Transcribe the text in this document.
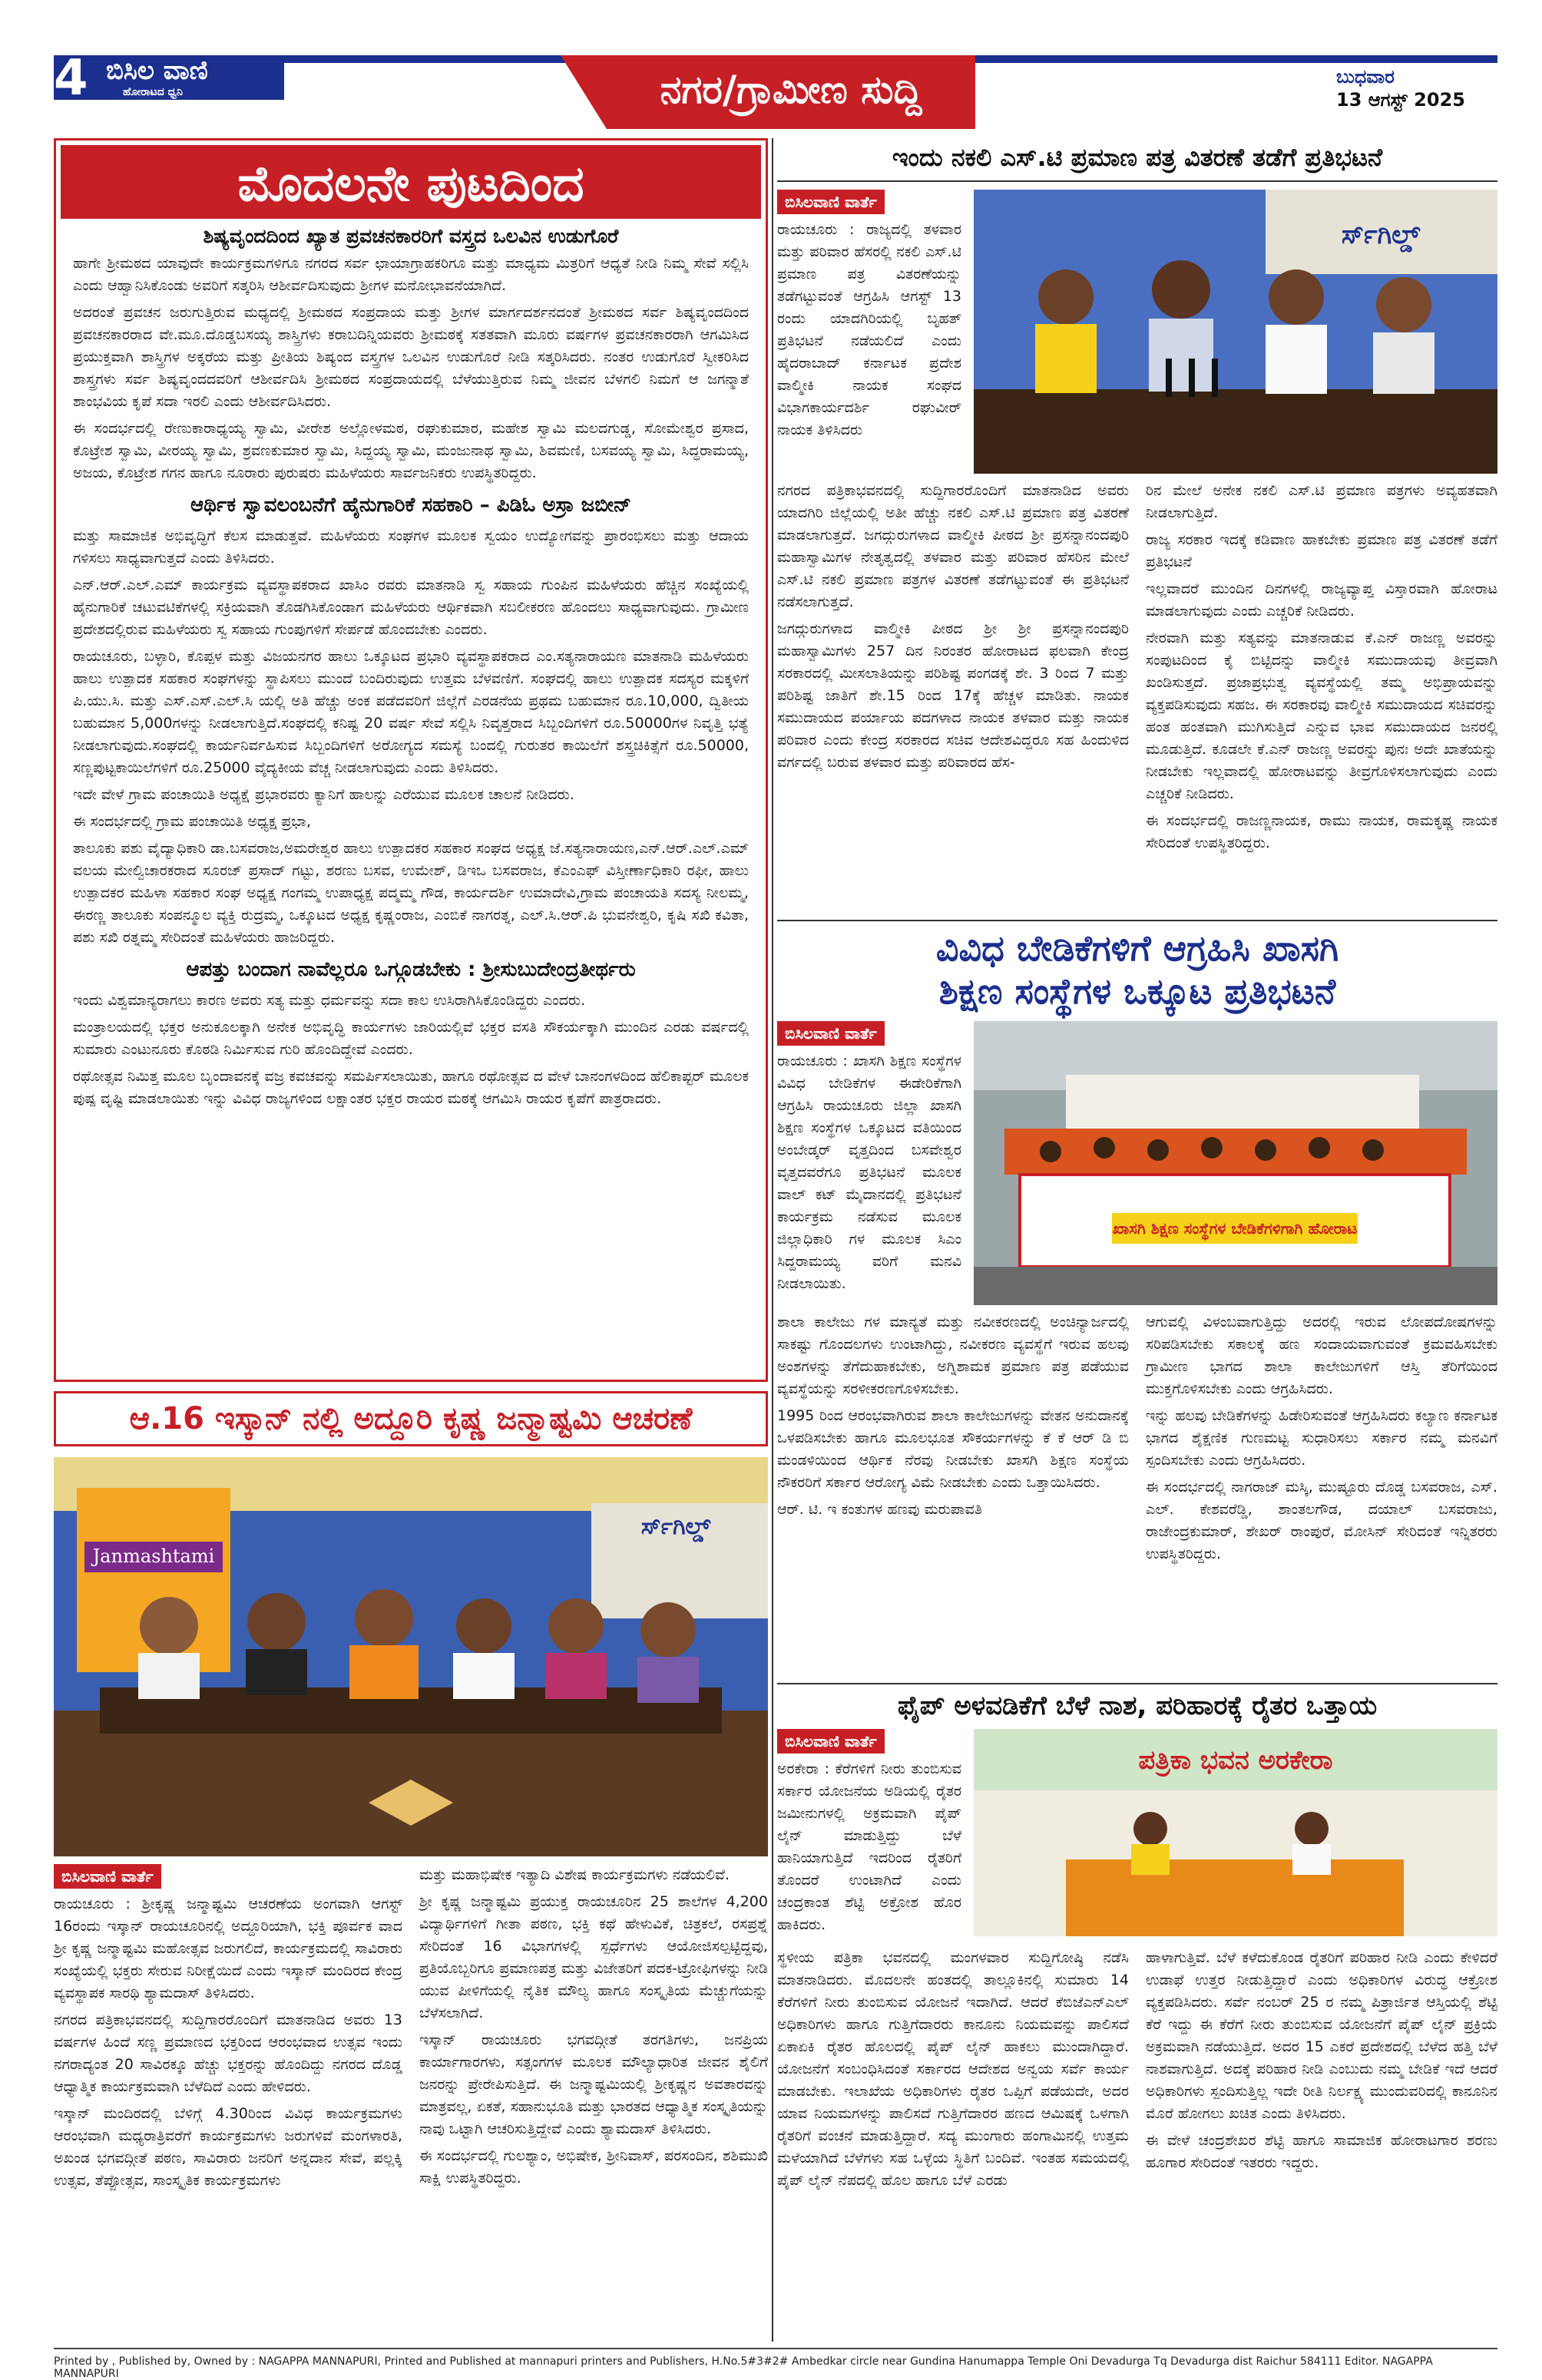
4 ಬಿಸಿಲ ವಾಣಿ
ಹೋರಾಟದ ಧ್ವನಿ	ನಗರ/ಗ್ರಾಮೀಣ ಸುದ್ದಿ	ಬುಧವಾರ
13 ಆಗಸ್ಟ್ 2025
ಮೊದಲನೇ ಪುಟದಿಂದ
ಶಿಷ್ಯವೃಂದದಿಂದ ಖ್ಯಾತ ಪ್ರವಚನಕಾರರಿಗೆ ವಸ್ತ್ರದ ಒಲವಿನ ಉಡುಗೊರೆ

ಹಾಗೇ ಶ್ರೀಮಠದ ಯಾವುದೇ ಕಾರ್ಯಕ್ರಮಗಳಿಗೂ ನಗರದ ಸರ್ವ ಛಾಯಾಗ್ರಾಹಕರಿಗೂ ಮತ್ತು ಮಾಧ್ಯಮ ಮಿತ್ರರಿಗೆ ಆಧ್ಯತೆ ನೀಡಿ ನಿಮ್ಮ ಸೇವೆ ಸಲ್ಲಿಸಿ ಎಂದು ಆಹ್ವಾನಿಸಿಕೊಂಡು ಅವರಿಗೆ ಸತ್ಕರಿಸಿ ಆಶೀರ್ವದಿಸುವುದು ಶ್ರೀಗಳ ಮನೋಭಾವನೆಯಾಗಿದೆ.

ಅದರಂತೆ ಪ್ರವಚನ ಜರುಗುತ್ತಿರುವ ಮಧ್ಯದಲ್ಲಿ ಶ್ರೀಮಠದ ಸಂಪ್ರದಾಯ ಮತ್ತು ಶ್ರೀಗಳ ಮಾರ್ಗದರ್ಶನದಂತೆ ಶ್ರೀಮಠದ ಸರ್ವ ಶಿಷ್ಯವೃಂದದಿಂದ ಪ್ರವಚನಕಾರರಾದ ವೇ.ಮೂ.ದೊಡ್ಡಬಸಯ್ಯ ಶಾಸ್ತ್ರಿಗಳು ಕರಾಬದಿನ್ನಿಯವರು ಶ್ರೀಮಠಕ್ಕೆ ಸತತವಾಗಿ ಮೂರು ವರ್ಷಗಳ ಪ್ರವಚನಕಾರರಾಗಿ ಆಗಮಿಸಿದ ಪ್ರಯುಕ್ತವಾಗಿ ಶಾಸ್ತ್ರಿಗಳ ಅಕ್ಕರೆಯ ಮತ್ತು ಪ್ರೀತಿಯ ಶಿಷ್ಯಂದ ವಸ್ತ್ರಗಳ ಒಲವಿನ ಉಡುಗೊರೆ ನೀಡಿ ಸತ್ಕರಿಸಿದರು. ನಂತರ ಉಡುಗೊರೆ ಸ್ವೀಕರಿಸಿದ ಶಾಸ್ತ್ರಗಳು ಸರ್ವ ಶಿಷ್ಯವೃಂದದವರಿಗೆ ಆಶೀರ್ವದಿಸಿ ಶ್ರೀಮಠದ ಸಂಪ್ರದಾಯದಲ್ಲಿ ಬೆಳೆಯುತ್ತಿರುವ ನಿಮ್ಮ ಜೀವನ ಬೆಳಗಲಿ ನಿಮಗೆ ಆ ಜಗನ್ಮಾತೆ ಶಾಂಭವಿಯ ಕೃಪೆ ಸದಾ ಇರಲಿ ಎಂದು ಆಶೀರ್ವದಿಸಿದರು.

ಈ ಸಂದರ್ಭದಲ್ಲಿ ರೇಣುಕಾರಾಧ್ಯಯ್ಯ ಸ್ವಾಮಿ, ವೀರೇಶ ಅಲ್ಲೋಳಮಠ, ರಘುಕುಮಾರ, ಮಹೇಶ ಸ್ವಾಮಿ ಮಲದಗುಡ್ಡ, ಸೋಮೇಶ್ವರ ಪ್ರಸಾದ, ಕೊಟ್ರೇಶ ಸ್ವಾಮಿ, ವೀರಯ್ಯ ಸ್ವಾಮಿ, ಶ್ರವಣಕುಮಾರ ಸ್ವಾಮಿ, ಸಿದ್ದಯ್ಯ ಸ್ವಾಮಿ, ಮಂಜುನಾಥ ಸ್ವಾಮಿ, ಶಿವಮಣಿ, ಬಸವಯ್ಯ ಸ್ವಾಮಿ, ಸಿದ್ಧರಾಮಯ್ಯ, ಅಜಯ, ಕೊಟ್ರೇಶ ಗಗನ ಹಾಗೂ ನೂರಾರು ಪುರುಷರು ಮಹಿಳೆಯರು ಸಾರ್ವಜನಿಕರು ಉಪಸ್ಥಿತರಿದ್ದರು.

ಆರ್ಥಿಕ ಸ್ವಾವಲಂಬನೆಗೆ ಹೈನುಗಾರಿಕೆ ಸಹಕಾರಿ – ಪಿಡಿಓ ಅಸ್ರಾ ಜಬೀನ್

ಮತ್ತು ಸಾಮಾಜಿಕ ಅಭಿವೃದ್ಧಿಗೆ ಕೆಲಸ ಮಾಡುತ್ತವೆ. ಮಹಿಳೆಯರು ಸಂಘಗಳ ಮೂಲಕ ಸ್ವಯಂ ಉದ್ಯೋಗವನ್ನು ಪ್ರಾರಂಭಿಸಲು ಮತ್ತು ಆದಾಯ ಗಳಿಸಲು ಸಾಧ್ಯವಾಗುತ್ತದೆ ಎಂದು ತಿಳಿಸಿದರು.

ಎನ್.ಆರ್.ಎಲ್.ಎಮ್ ಕಾರ್ಯಕ್ರಮ ವ್ಯವಸ್ಥಾಪಕರಾದ ಖಾಸಿಂ ರವರು ಮಾತನಾಡಿ ಸ್ವ ಸಹಾಯ ಗುಂಪಿನ ಮಹಿಳೆಯರು ಹೆಚ್ಚಿನ ಸಂಖ್ಯೆಯಲ್ಲಿ ಹೈನುಗಾರಿಕೆ ಚಟುವಟಿಕೆಗಳಲ್ಲಿ ಸಕ್ರಿಯವಾಗಿ ತೊಡಗಿಸಿಕೊಂಡಾಗ ಮಹಿಳೆಯರು ಆರ್ಥಿಕವಾಗಿ ಸಬಲೀಕರಣ ಹೊಂದಲು ಸಾಧ್ಯವಾಗುವುದು. ಗ್ರಾಮೀಣ ಪ್ರದೇಶದಲ್ಲಿರುವ ಮಹಿಳೆಯರು ಸ್ವ ಸಹಾಯ ಗುಂಪುಗಳಿಗೆ ಸೇರ್ಪಡೆ ಹೊಂದಬೇಕು ಎಂದರು.

ರಾಯಚೂರು, ಬಳ್ಳಾರಿ, ಕೊಪ್ಪಳ ಮತ್ತು ವಿಜಯನಗರ ಹಾಲು ಒಕ್ಕೂಟದ ಪ್ರಭಾರಿ ವ್ಯವಸ್ಥಾಪಕರಾದ ಎಂ.ಸತ್ಯನಾರಾಯಣ ಮಾತನಾಡಿ ಮಹಿಳೆಯರು ಹಾಲು ಉತ್ಪಾದಕ ಸಹಕಾರ ಸಂಘಗಳನ್ನು ಸ್ಥಾಪಿಸಲು ಮುಂದೆ ಬಂದಿರುವುದು ಉತ್ತಮ ಬೆಳವಣಿಗೆ. ಸಂಘದಲ್ಲಿ ಹಾಲು ಉತ್ಪಾದಕ ಸದಸ್ಯರ ಮಕ್ಕಳಿಗೆ ಪಿ.ಯು.ಸಿ. ಮತ್ತು ಎಸ್.ಎಸ್.ಎಲ್.ಸಿ ಯಲ್ಲಿ ಅತಿ ಹೆಚ್ಚು ಅಂಕ ಪಡೆದವರಿಗೆ ಜಿಲ್ಲೆಗೆ ಎರಡನೆಯ ಪ್ರಥಮ ಬಹುಮಾನ ರೂ.10,000, ದ್ವಿತೀಯ ಬಹುಮಾನ 5,000ಗಳನ್ನು ನೀಡಲಾಗುತ್ತಿದೆ.ಸಂಘದಲ್ಲಿ ಕನಿಷ್ಟ 20 ವರ್ಷ ಸೇವೆ ಸಲ್ಲಿಸಿ ನಿವೃತ್ತರಾದ ಸಿಬ್ಬಂದಿಗಳಿಗೆ ರೂ.50000ಗಳ ನಿವೃತ್ತಿ ಭತ್ಯೆ ನೀಡಲಾಗುವುದು.ಸಂಘದಲ್ಲಿ ಕಾರ್ಯನಿರ್ವಹಿಸುವ ಸಿಬ್ಬಂದಿಗಳಿಗೆ ಅರೋಗ್ಯದ ಸಮಸ್ಯೆ ಬಂದಲ್ಲಿ ಗುರುತರ ಕಾಯಿಲೆಗೆ ಶಸ್ತ್ರಚಿಕಿತ್ಸೆಗೆ ರೂ.50000, ಸಣ್ಣಪುಟ್ಟಕಾಯಿಲೆಗಳಿಗೆ ರೂ.25000 ವೈದ್ಯಕೀಯ ವೆಚ್ಚ ನೀಡಲಾಗುವುದು ಎಂದು ತಿಳಿಸಿದರು.

ಇದೇ ವೇಳೆ ಗ್ರಾಮ ಪಂಚಾಯಿತಿ ಅಧ್ಯಕ್ಷೆ ಪ್ರಭಾರವರು ಕ್ಯಾನಿಗೆ ಹಾಲನ್ನು ಎರೆಯುವ ಮೂಲಕ ಚಾಲನೆ ನೀಡಿದರು.

ಈ ಸಂದರ್ಭದಲ್ಲಿ ಗ್ರಾಮ ಪಂಚಾಯಿತಿ ಅಧ್ಯಕ್ಷ ಪ್ರಭಾ,

ತಾಲೂಕು ಪಶು ವೈದ್ಯಾಧಿಕಾರಿ ಡಾ.ಬಸವರಾಜ,ಅಮರೇಶ್ವರ ಹಾಲು ಉತ್ಪಾದಕರ ಸಹಕಾರ ಸಂಘದ ಅಧ್ಯಕ್ಷ ಜೆ.ಸತ್ಯನಾರಾಯಣ,ಎನ್.ಆರ್.ಎಲ್.ಎಮ್ ವಲಯ ಮೇಲ್ವಿಚಾರಕರಾದ ಸೂರಜ್ ಪ್ರಸಾದ್ ಗಟ್ಟು, ಶರಣು ಬಸವ, ಉಮೇಶ್, ಡಿಇಒ ಬಸವರಾಜ, ಕೆಎಂಎಫ್ ವಿಸ್ತೀರ್ಣಾಧಿಕಾರಿ ರಫೀ, ಹಾಲು ಉತ್ಪಾದಕರ ಮಹಿಳಾ ಸಹಕಾರ ಸಂಘ ಅಧ್ಯಕ್ಷ ಗಂಗಮ್ಮ ಉಪಾಧ್ಯಕ್ಷ ಪದ್ಮಮ್ಮ ಗೌಡ, ಕಾರ್ಯದರ್ಶಿ ಉಮಾದೇವಿ,ಗ್ರಾಮ ಪಂಚಾಯತಿ ಸದಸ್ಯ ನೀಲಮ್ಮ, ಈರಣ್ಣ ತಾಲೂಕು ಸಂಪನ್ಮೂಲ ವ್ಯಕ್ತಿ ರುದ್ರಮ್ಮ, ಒಕ್ಕೂಟದ ಅಧ್ಯಕ್ಷ ಕೃಷ್ಣಂರಾಜ, ಎಂಬಿಕೆ ನಾಗರತ್ನ, ಎಲ್.ಸಿ.ಆರ್.ಪಿ ಭುವನೇಶ್ವರಿ, ಕೃಷಿ ಸಖಿ ಕವಿತಾ, ಪಶು ಸಖಿ ರತ್ನಮ್ಮ ಸೇರಿದಂತೆ ಮಹಿಳೆಯರು ಹಾಜರಿದ್ದರು.

ಆಪತ್ತು ಬಂದಾಗ ನಾವೆಲ್ಲರೂ ಒಗ್ಗೂಡಬೇಕು : ಶ್ರೀಸುಬುದೇಂದ್ರತೀರ್ಥರು

ಇಂದು ವಿಶ್ವಮಾನ್ಯರಾಗಲು ಕಾರಣ ಅವರು ಸತ್ಯ ಮತ್ತು ಧರ್ಮವನ್ನು ಸದಾ ಕಾಲ ಉಸಿರಾಗಿಸಿಕೊಂಡಿದ್ದರು ಎಂದರು.

ಮಂತ್ರಾಲಯದಲ್ಲಿ ಭಕ್ತರ ಅನುಕೂಲಕ್ಕಾಗಿ ಅನೇಕ ಅಭಿವೃದ್ಧಿ ಕಾರ್ಯಗಳು ಜಾರಿಯಲ್ಲಿವೆ ಭಕ್ತರ ವಸತಿ ಸೌಕರ್ಯಕ್ಕಾಗಿ ಮುಂದಿನ ಎರಡು ವರ್ಷದಲ್ಲಿ ಸುಮಾರು ಎಂಟುನೂರು ಕೊಠಡಿ ನಿರ್ಮಿಸುವ ಗುರಿ ಹೊಂದಿದ್ದೇವೆ ಎಂದರು.

ರಥೋತ್ಸವ ನಿಮಿತ್ತ ಮೂಲ ಬೃಂದಾವನಕ್ಕೆ ವಜ್ರ ಕವಚವನ್ನು ಸಮರ್ಪಿಸಲಾಯಿತು, ಹಾಗೂ ರಥೋತ್ಸವ ದ ವೇಳೆ ಬಾನಂಗಳದಿಂದ ಹೆಲಿಕಾಪ್ಟರ್ ಮೂಲಕ ಪುಷ್ಪ ವೃಷ್ಟಿ ಮಾಡಲಾಯಿತು ಇನ್ನು ವಿವಿಧ ರಾಜ್ಯಗಳಿಂದ ಲಕ್ಷಾಂತರ ಭಕ್ತರ ರಾಯರ ಮಠಕ್ಕೆ ಆಗಮಿಸಿ ರಾಯರ ಕೃಪೆಗೆ ಪಾತ್ರರಾದರು.

ಆ.16 ಇಸ್ಕಾನ್ ನಲ್ಲಿ ಅದ್ದೂರಿ ಕೃಷ್ಣ ಜನ್ಮಾಷ್ಟಮಿ ಆಚರಣೆ
Janmashtami
ರ್ಸ್‌ಗಿಲ್ಡ್
ಬಿಸಿಲವಾಣಿ ವಾರ್ತೆ

ರಾಯಚೂರು : ಶ್ರೀಕೃಷ್ಣ ಜನ್ಮಾಷ್ಟಮಿ ಆಚರಣೆಯ ಅಂಗವಾಗಿ ಆಗಸ್ಟ್ 16ರಂದು ಇಸ್ಕಾನ್ ರಾಯಚೂರಿನಲ್ಲಿ ಅದ್ದೂರಿಯಾಗಿ, ಭಕ್ತಿ ಪೂರ್ವಕ ವಾದ ಶ್ರೀ ಕೃಷ್ಣ ಜನ್ಮಾಷ್ಟಮಿ ಮಹೋತ್ಸವ ಜರುಗಲಿದೆ, ಕಾರ್ಯಕ್ರಮದಲ್ಲಿ ಸಾವಿರಾರು ಸಂಖ್ಯೆಯಲ್ಲಿ ಭಕ್ತರು ಸೇರುವ ನಿರೀಕ್ಷೆಯಿದೆ ಎಂದು ಇಸ್ಕಾನ್ ಮಂದಿರದ ಕೇಂದ್ರ ವ್ಯವಸ್ಥಾಪಕ ಸಾರಥಿ ಶ್ಯಾಮದಾಸ್ ತಿಳಿಸಿದರು.

ನಗರದ ಪತ್ರಿಕಾಭವನದಲ್ಲಿ ಸುದ್ದಿಗಾರರೊಂದಿಗೆ ಮಾತನಾಡಿದ ಅವರು 13 ವರ್ಷಗಳ ಹಿಂದೆ ಸಣ್ಣ ಪ್ರಮಾಣದ ಭಕ್ತರಿಂದ ಆರಂಭವಾದ ಉತ್ಸವ ಇಂದು ನಗರಾದ್ಯಂತ 20 ಸಾವಿರಕ್ಕೂ ಹೆಚ್ಚು ಭಕ್ತರನ್ನು ಹೊಂದಿದ್ದು ನಗರದ ದೊಡ್ಡ ಆಧ್ಯಾತ್ಮಿಕ ಕಾರ್ಯಕ್ರಮವಾಗಿ ಬೆಳೆದಿದೆ ಎಂದು ಹೇಳಿದರು.

ಇಸ್ಕಾನ್ ಮಂದಿರದಲ್ಲಿ ಬೆಳಿಗ್ಗೆ 4.30ರಿಂದ ವಿವಿಧ ಕಾರ್ಯಕ್ರಮಗಳು ಆರಂಭವಾಗಿ ಮಧ್ಯರಾತ್ರಿವರೆಗೆ ಕಾರ್ಯಕ್ರಮಗಳು ಜರುಗಳಿವೆ ಮಂಗಳಾರತಿ, ಅಖಂಡ ಭಗವದ್ಗೀತೆ ಪಠಣ, ಸಾವಿರಾರು ಜನರಿಗೆ ಅನ್ನದಾನ ಸೇವೆ, ಪಲ್ಲಕ್ಕಿ ಉತ್ಸವ, ತೆಪ್ಪೋತ್ಸವ, ಸಾಂಸ್ಕೃತಿಕ ಕಾರ್ಯಕ್ರಮಗಳು

ಮತ್ತು ಮಹಾಭಿಷೇಕ ಇತ್ಯಾದಿ ವಿಶೇಷ ಕಾರ್ಯಕ್ರಮಗಳು ನಡೆಯಲಿವೆ.

ಶ್ರೀ ಕೃಷ್ಣ ಜನ್ಮಾಷ್ಟಮಿ ಪ್ರಯುಕ್ತ ರಾಯಚೂರಿನ 25 ಶಾಲೆಗಳ 4,200 ವಿದ್ಯಾರ್ಥಿಗಳಿಗೆ ಗೀತಾ ಪಠಣ, ಭಕ್ತಿ ಕಥೆ ಹೇಳುವಿಕೆ, ಚಿತ್ರಕಲೆ, ರಸಪ್ರಶ್ನೆ ಸೇರಿದಂತೆ 16 ವಿಭಾಗಗಳಲ್ಲಿ ಸ್ಪರ್ಧೆಗಳು ಆಯೋಜಿಸಲ್ಪಟ್ಟಿದ್ದವು, ಪ್ರತಿಯೊಬ್ಬರಿಗೂ ಪ್ರಮಾಣಪತ್ರ ಮತ್ತು ವಿಜೇತರಿಗೆ ಪದಕ-ಟ್ರೋಫಿಗಳನ್ನು ನೀಡಿ ಯುವ ಪೀಳಿಗೆಯಲ್ಲಿ ನೈತಿಕ ಮೌಲ್ಯ ಹಾಗೂ ಸಂಸ್ಕೃತಿಯ ಮೆಚ್ಚುಗೆಯನ್ನು ಬೆಳೆಸಲಾಗಿದೆ.

ಇಸ್ಕಾನ್ ರಾಯಚೂರು ಭಗವದ್ಗೀತೆ ತರಗತಿಗಳು, ಜನಪ್ರಿಯ ಕಾರ್ಯಾಗಾರಗಳು, ಸತ್ಸಂಗಗಳ ಮೂಲಕ ಮೌಲ್ಯಾಧಾರಿತ ಜೀವನ ಶೈಲಿಗೆ ಜನರನ್ನು ಪ್ರೇರೇಪಿಸುತ್ತಿದೆ. ಈ ಜನ್ಮಾಷ್ಟಮಿಯಲ್ಲಿ ಶ್ರೀಕೃಷ್ಣನ ಅವತಾರವನ್ನು ಮಾತ್ರವಲ್ಲ, ಏಕತೆ, ಸಹಾನುಭೂತಿ ಮತ್ತು ಭಾರತದ ಆಧ್ಯಾತ್ಮಿಕ ಸಂಸ್ಕೃತಿಯನ್ನು ನಾವು ಒಟ್ಟಾಗಿ ಆಚರಿಸುತ್ತಿದ್ದೇವೆ ಎಂದು ಶ್ಯಾಮದಾಸ್ ತಿಳಿಸಿದರು.

ಈ ಸಂದರ್ಭದಲ್ಲಿ ಗುಲಶ್ಯಾಂ, ಅಭಿಷೇಕ, ಶ್ರೀನಿವಾಸ್, ಪರಸಂದಿನ, ಶಶಿಮುಖಿ ಸಾಕ್ಷಿ ಉಪಸ್ಥಿತರಿದ್ದರು.

ಇಂದು ನಕಲಿ ಎಸ್.ಟಿ ಪ್ರಮಾಣ ಪತ್ರ ವಿತರಣೆ ತಡೆಗೆ ಪ್ರತಿಭಟನೆ
ಬಿಸಿಲವಾಣಿ ವಾರ್ತೆ

ರಾಯಚೂರು : ರಾಜ್ಯದಲ್ಲಿ ತಳವಾರ ಮತ್ತು ಪರಿವಾರ ಹೆಸರಲ್ಲಿ ನಕಲಿ ಎಸ್.ಟಿ ಪ್ರಮಾಣ ಪತ್ರ ವಿತರಣೆಯನ್ನು ತಡೆಗಟ್ಟುವಂತೆ ಆಗ್ರಹಿಸಿ ಆಗಸ್ಟ್ 13 ರಂದು ಯಾದಗಿರಿಯಲ್ಲಿ ಬೃಹತ್ ಪ್ರತಿಭಟನೆ ನಡೆಯಲಿದೆ ಎಂದು ಹೈದರಾಬಾದ್ ಕರ್ನಾಟಕ ಪ್ರದೇಶ ವಾಲ್ಮೀಕಿ ನಾಯಕ ಸಂಘದ ವಿಭಾಗಕಾರ್ಯದರ್ಶಿ ರಘುವೀರ್ ನಾಯಕ ತಿಳಿಸಿದರು

ರ್ಸ್‌ಗಿಲ್ಡ್

ನಗರದ ಪತ್ರಿಕಾಭವನದಲ್ಲಿ ಸುದ್ದಿಗಾರರೊಂದಿಗೆ ಮಾತನಾಡಿದ ಅವರು ಯಾದಗಿರಿ ಜಿಲ್ಲೆಯಲ್ಲಿ ಅತೀ ಹೆಚ್ಚು ನಕಲಿ ಎಸ್.ಟಿ ಪ್ರಮಾಣ ಪತ್ರ ವಿತರಣೆ ಮಾಡಲಾಗುತ್ತದೆ. ಜಗದ್ಗುರುಗಳಾದ ವಾಲ್ಮೀಕಿ ಪೀಠದ ಶ್ರೀ ಪ್ರಸನ್ನಾನಂದಪುರಿ ಮಹಾಸ್ವಾಮಿಗಳ ನೇತೃತ್ವದಲ್ಲಿ ತಳವಾರ ಮತ್ತು ಪರಿವಾರ ಹೆಸರಿನ ಮೇಲೆ ಎಸ್.ಟಿ ನಕಲಿ ಪ್ರಮಾಣ ಪತ್ರಗಳ ವಿತರಣೆ ತಡೆಗಟ್ಟುವಂತೆ ಈ ಪ್ರತಿಭಟನೆ ನಡೆಸಲಾಗುತ್ತದೆ.

ಜಗದ್ಗುರುಗಳಾದ ವಾಲ್ಮೀಕಿ ಪೀಠದ ಶ್ರೀ ಶ್ರೀ ಪ್ರಸನ್ನಾನಂದಪುರಿ ಮಹಾಸ್ವಾಮಿಗಳು 257 ದಿನ ನಿರಂತರ ಹೋರಾಟದ ಫಲವಾಗಿ ಕೇಂದ್ರ ಸರಕಾರದಲ್ಲಿ ಮೀಸಲಾತಿಯನ್ನು ಪರಿಶಿಷ್ಟ ಪಂಗಡಕ್ಕೆ ಶೇ. 3 ರಿಂದ 7 ಮತ್ತು ಪರಿಶಿಷ್ಟ ಜಾತಿಗೆ ಶೇ.15 ರಿಂದ 17ಕ್ಕೆ ಹೆಚ್ಚಳ ಮಾಡಿತು. ನಾಯಕ ಸಮುದಾಯದ ಪರ್ಯಾಯ ಪದಗಳಾದ ನಾಯಕ ತಳವಾರ ಮತ್ತು ನಾಯಕ ಪರಿವಾರ ಎಂದು ಕೇಂದ್ರ ಸರಕಾರದ ಸಚಿವ ಆದೇಶವಿದ್ದರೂ ಸಹ ಹಿಂದುಳಿದ ವರ್ಗದಲ್ಲಿ ಬರುವ ತಳವಾರ ಮತ್ತು ಪರಿವಾರದ ಹೆಸ-

ರಿನ ಮೇಲೆ ಅನೇಕ ನಕಲಿ ಎಸ್.ಟಿ ಪ್ರಮಾಣ ಪತ್ರಗಳು ಅವ್ಯಹತವಾಗಿ ನೀಡಲಾಗುತ್ತಿದೆ.

ರಾಜ್ಯ ಸರಕಾರ ಇದಕ್ಕೆ ಕಡಿವಾಣ ಹಾಕಬೇಕು ಪ್ರಮಾಣ ಪತ್ರ ವಿತರಣೆ ತಡೆಗೆ ಪ್ರತಿಭಟನೆ

ಇಲ್ಲವಾದರೆ ಮುಂದಿನ ದಿನಗಳಲ್ಲಿ ರಾಜ್ಯವ್ಯಾಪ್ತ ವಿಸ್ತಾರವಾಗಿ ಹೋರಾಟ ಮಾಡಲಾಗುವುದು ಎಂದು ಎಚ್ಚರಿಕೆ ನೀಡಿದರು.

ನೇರವಾಗಿ ಮತ್ತು ಸತ್ಯವನ್ನು ಮಾತನಾಡುವ ಕೆ.ಎನ್ ರಾಜಣ್ಣ ಅವರನ್ನು ಸಂಪುಟದಿಂದ ಕೈ ಬಿಟ್ಟಿದನ್ನು ವಾಲ್ಮೀಕಿ ಸಮುದಾಯವು ತೀವ್ರವಾಗಿ ಖಂಡಿಸುತ್ತದೆ. ಪ್ರಜಾಪ್ರಭುತ್ವ ವ್ಯವಸ್ಥೆಯಲ್ಲಿ ತಮ್ಮ ಅಭಿಪ್ರಾಯವನ್ನು ವ್ಯಕ್ತಪಡಿಸುವುದು ಸಹಜ. ಈ ಸರಕಾರವು ವಾಲ್ಮೀಕಿ ಸಮುದಾಯದ ಸಚಿವರನ್ನು ಹಂತ ಹಂತವಾಗಿ ಮುಗಿಸುತ್ತಿದೆ ಎನ್ನುವ ಭಾವ ಸಮುದಾಯದ ಜನರಲ್ಲಿ ಮೂಡುತ್ತಿದೆ. ಕೂಡಲೇ ಕೆ.ಎನ್ ರಾಜಣ್ಣ ಅವರನ್ನು ಪುನಃ ಅದೇ ಖಾತೆಯನ್ನು ನೀಡಬೇಕು ಇಲ್ಲವಾದಲ್ಲಿ ಹೋರಾಟವನ್ನು ತೀವ್ರಗೊಳಿಸಲಾಗುವುದು ಎಂದು ಎಚ್ಚರಿಕೆ ನೀಡಿದರು.

ಈ ಸಂದರ್ಭದಲ್ಲಿ ರಾಜಣ್ಣನಾಯಕ, ರಾಮು ನಾಯಕ, ರಾಮಕೃಷ್ಣ ನಾಯಕ ಸೇರಿದಂತೆ ಉಪಸ್ಥಿತರಿದ್ದರು.

ವಿವಿಧ ಬೇಡಿಕೆಗಳಿಗೆ ಆಗ್ರಹಿಸಿ ಖಾಸಗಿ
ಶಿಕ್ಷಣ ಸಂಸ್ಥೆಗಳ ಒಕ್ಕೂಟ ಪ್ರತಿಭಟನೆ
ಬಿಸಿಲವಾಣಿ ವಾರ್ತೆ

ರಾಯಚೂರು : ಖಾಸಗಿ ಶಿಕ್ಷಣ ಸಂಸ್ಥೆಗಳ ವಿವಿಧ ಬೇಡಿಕೆಗಳ ಈಡೇರಿಕೆಗಾಗಿ ಆಗ್ರಹಿಸಿ ರಾಯಚೂರು ಜಿಲ್ಲಾ ಖಾಸಗಿ ಶಿಕ್ಷಣ ಸಂಸ್ಥೆಗಳ ಒಕ್ಕೂಟದ ವತಿಯಿಂದ ಅಂಬೇಡ್ಕರ್ ವೃತ್ತದಿಂದ ಬಸವೇಶ್ವರ ವೃತ್ತದವರೆಗೂ ಪ್ರತಿಭಟನೆ ಮೂಲಕ ವಾಲ್ ಕಟ್ ಮೈದಾನದಲ್ಲಿ ಪ್ರತಿಭಟನೆ ಕಾರ್ಯಕ್ರಮ ನಡೆಸುವ ಮೂಲಕ ಜಿಲ್ಲಾಧಿಕಾರಿ ಗಳ ಮೂಲಕ ಸಿಎಂ ಸಿದ್ದರಾಮಯ್ಯ ವರಿಗೆ ಮನವಿ ನೀಡಲಾಯಿತು.

ಖಾಸಗಿ ಶಿಕ್ಷಣ ಸಂಸ್ಥೆಗಳ ಬೇಡಿಕೆಗಳಿಗಾಗಿ ಹೋರಾಟ

ಶಾಲಾ ಕಾಲೇಜು ಗಳ ಮಾನ್ಯತೆ ಮತ್ತು ನವೀಕರಣದಲ್ಲಿ ಅಂಚಿನ್ಯಾರ್ಜದಲ್ಲಿ ಸಾಕಷ್ಟು ಗೊಂದಲಗಳು ಉಂಟಾಗಿದ್ದು, ನವೀಕರಣ ವ್ಯವಸ್ಥೆಗೆ ಇರುವ ಹಲವು ಅಂಶಗಳನ್ನು ತೆಗೆದುಹಾಕಬೇಕು, ಅಗ್ನಿಶಾಮಕ ಪ್ರಮಾಣ ಪತ್ರ ಪಡೆಯುವ ವ್ಯವಸ್ಥೆಯನ್ನು ಸರಳೀಕರಣಗೊಳಿಸಬೇಕು.

1995 ರಿಂದ ಆರಂಭವಾಗಿರುವ ಶಾಲಾ ಕಾಲೇಜುಗಳನ್ನು ವೇತನ ಅನುದಾನಕ್ಕೆ ಒಳಪಡಿಸಬೇಕು ಹಾಗೂ ಮೂಲಭೂತ ಸೌಕರ್ಯಗಳನ್ನು ಕೆ ಕೆ ಆರ್ ಡಿ ಬಿ ಮಂಡಳಿಯಿಂದ ಆರ್ಥಿಕ ನೆರವು ನೀಡಬೇಕು ಖಾಸಗಿ ಶಿಕ್ಷಣ ಸಂಸ್ಥೆಯ ನೌಕರರಿಗೆ ಸರ್ಕಾರ ಆರೋಗ್ಯ ವಿಮೆ ನೀಡಬೇಕು ಎಂದು ಒತ್ತಾಯಿಸಿದರು.

ಆರ್. ಟಿ. ಇ ಕಂತುಗಳ ಹಣವು ಮರುಪಾವತಿ

ಆಗುವಲ್ಲಿ ವಿಳಂಬವಾಗುತ್ತಿದ್ದು ಅದರಲ್ಲಿ ಇರುವ ಲೋಪದೋಷಗಳನ್ನು ಸರಿಪಡಿಸಬೇಕು ಸಕಾಲಕ್ಕೆ ಹಣ ಸಂದಾಯವಾಗುವಂತೆ ಕ್ರಮವಹಿಸಬೇಕು ಗ್ರಾಮೀಣ ಭಾಗದ ಶಾಲಾ ಕಾಲೇಜುಗಳಿಗೆ ಆಸ್ತಿ ತೆರಿಗೆಯಿಂದ ಮುಕ್ತಗೊಳಿಸಬೇಕು ಎಂದು ಆಗ್ರಹಿಸಿದರು.

ಇನ್ನು ಹಲವು ಬೇಡಿಕೆಗಳನ್ನು ಹಿಡೇರಿಸುವಂತೆ ಆಗ್ರಹಿಸಿದರು ಕಲ್ಯಾಣ ಕರ್ನಾಟಕ ಭಾಗದ ಶೈಕ್ಷಣಿಕ ಗುಣಮಟ್ಟ ಸುಧಾರಿಸಲು ಸರ್ಕಾರ ನಮ್ಮ ಮನವಿಗೆ ಸ್ಪಂದಿಸಬೇಕು ಎಂದು ಆಗ್ರಹಿಸಿದರು.

ಈ ಸಂದರ್ಭದಲ್ಲಿ ನಾಗರಾಜ್ ಮಸ್ಕಿ, ಮುಷ್ಟೂರು ದೊಡ್ಡ ಬಸವರಾಜ, ಎಸ್. ಎಲ್. ಕೇಶವರೆಡ್ಡಿ, ಶಾಂತಲಗೌಡ, ದಯಾಲ್ ಬಸವರಾಜು, ರಾಜೇಂದ್ರಕುಮಾರ್, ಶೇಖರ್ ರಾಂಪುರೆ, ಮೋಸಿನ್ ಸೇರಿದಂತೆ ಇನ್ನಿತರರು ಉಪಸ್ಥಿತರಿದ್ದರು.

ಫೈಪ್ ಅಳವಡಿಕೆಗೆ ಬೆಳೆ ನಾಶ, ಪರಿಹಾರಕ್ಕೆ ರೈತರ ಒತ್ತಾಯ
ಬಿಸಿಲವಾಣಿ ವಾರ್ತೆ

ಅರಕೇರಾ : ಕೆರೆಗಳಿಗೆ ನೀರು ತುಂಬಿಸುವ ಸರ್ಕಾರ ಯೋಜನೆಯ ಅಡಿಯಲ್ಲಿ ರೈತರ ಜಮೀನುಗಳಲ್ಲಿ ಅಕ್ರಮವಾಗಿ ಪೈಪ್ ಲೈನ್ ಮಾಡುತ್ತಿದ್ದು ಬೆಳೆ ಹಾನಿಯಾಗುತ್ತಿದೆ ಇದರಿಂದ ರೈತರಿಗೆ ತೊಂದರೆ ಉಂಟಾಗಿದೆ ಎಂದು ಚಂದ್ರಕಾಂತ ಶೆಟ್ಟಿ ಅಕ್ರೋಶ ಹೊರ ಹಾಕಿದರು.

ಪತ್ರಿಕಾ ಭವನ ಅರಕೇರಾ

ಸ್ಥಳೀಯ ಪತ್ರಿಕಾ ಭವನದಲ್ಲಿ ಮಂಗಳವಾರ ಸುದ್ದಿಗೋಷ್ಠಿ ನಡೆಸಿ ಮಾತನಾಡಿದರು. ಮೊದಲನೇ ಹಂತದಲ್ಲಿ ತಾಲ್ಲೂಕಿನಲ್ಲಿ ಸುಮಾರು 14 ಕೆರೆಗಳಿಗೆ ನೀರು ತುಂಬಿಸುವ ಯೋಜನೆ ಇದಾಗಿದೆ. ಆದರೆ ಕೆಬಿಜೆಎನ್ಎಲ್ ಅಧಿಕಾರಿಗಳು ಹಾಗೂ ಗುತ್ತಿಗೆದಾರರು ಕಾನೂನು ನಿಯಮವನ್ನು ಪಾಲಿಸದೆ ಏಕಾಏಕಿ ರೈತರ ಹೊಲದಲ್ಲಿ ಪೈಪ್ ಲೈನ್ ಹಾಕಲು ಮುಂದಾಗಿದ್ದಾರೆ. ಯೋಜನೆಗೆ ಸಂಬಂಧಿಸಿದಂತೆ ಸರ್ಕಾರದ ಆದೇಶದ ಅನ್ವಯ ಸರ್ವೆ ಕಾರ್ಯ ಮಾಡಬೇಕು. ಇಲಾಖೆಯ ಅಧಿಕಾರಿಗಳು ರೈತರ ಒಪ್ಪಿಗೆ ಪಡೆಯದೇ, ಅದರ ಯಾವ ನಿಯಮಗಳನ್ನು ಪಾಲಿಸದೆ ಗುತ್ತಿಗೆದಾರರ ಹಣದ ಆಮಿಷಕ್ಕೆ ಒಳಗಾಗಿ ರೈತರಿಗೆ ವಂಚನೆ ಮಾಡುತ್ತಿದ್ದಾರೆ. ಸದ್ಯ ಮುಂಗಾರು ಹಂಗಾಮಿನಲ್ಲಿ ಉತ್ತಮ ಮಳೆಯಾಗಿದೆ ಬೆಳೆಗಳು ಸಹ ಒಳ್ಳೆಯ ಸ್ಥಿತಿಗೆ ಬಂದಿವೆ. ಇಂತಹ ಸಮಯದಲ್ಲಿ ಪೈಪ್ ಲೈನ್ ನೆಪದಲ್ಲಿ ಹೊಲ ಹಾಗೂ ಬೆಳೆ ಎರಡು

ಹಾಳಾಗುತ್ತಿವೆ. ಬೆಳೆ ಕಳೆದುಕೊಂಡ ರೈತರಿಗೆ ಪರಿಹಾರ ನೀಡಿ ಎಂದು ಕೇಳಿದರೆ ಉಡಾಫೆ ಉತ್ತರ ನೀಡುತ್ತಿದ್ದಾರೆ ಎಂದು ಅಧಿಕಾರಿಗಳ ವಿರುದ್ಧ ಆಕ್ರೋಶ ವ್ಯಕ್ತಪಡಿಸಿದರು. ಸರ್ವೆ ನಂಬರ್ 25 ರ ನಮ್ಮ ಪಿತ್ರಾರ್ಜಿತ ಆಸ್ತಿಯಲ್ಲಿ ಶೆಟ್ಟಿ ಕೆರೆ ಇದ್ದು ಈ ಕೆರೆಗೆ ನೀರು ತುಂಬಿಸುವ ಯೋಜನೆಗೆ ಪೈಪ್ ಲೈನ್ ಪ್ರಕ್ರಿಯೆ ಅಕ್ರಮವಾಗಿ ನಡೆಯುತ್ತಿದೆ. ಅದರ 15 ಎಕರೆ ಪ್ರದೇಶದಲ್ಲಿ ಬೆಳೆದ ಹತ್ತಿ ಬೆಳೆ ನಾಶವಾಗುತ್ತಿದೆ. ಅದಕ್ಕೆ ಪರಿಹಾರ ನೀಡಿ ಎಂಬುದು ನಮ್ಮ ಬೇಡಿಕೆ ಇದೆ ಆದರೆ ಅಧಿಕಾರಿಗಳು ಸ್ಪಂದಿಸುತ್ತಿಲ್ಲ ಇದೇ ರೀತಿ ನಿರ್ಲಕ್ಷ್ಯ ಮುಂದುವರಿದಲ್ಲಿ ಕಾನೂನಿನ ಮೊರೆ ಹೋಗಲು ಖಚಿತ ಎಂದು ತಿಳಿಸಿದರು.

ಈ ವೇಳೆ ಚಂದ್ರಶೇಖರ ಶೆಟ್ಟಿ ಹಾಗೂ ಸಾಮಾಜಿಕ ಹೋರಾಟಗಾರ ಶರಣು ಹೂಗಾರ ಸೇರಿದಂತೆ ಇತರರು ಇದ್ದರು.

Printed by , Published by, Owned by : NAGAPPA MANNAPURI, Printed and Published at mannapuri printers and Publishers, H.No.5#3#2# Ambedkar circle near Gundina Hanumappa Temple Oni Devadurga Tq Devadurga dist Raichur 584111 Editor. NAGAPPA MANNAPURI
